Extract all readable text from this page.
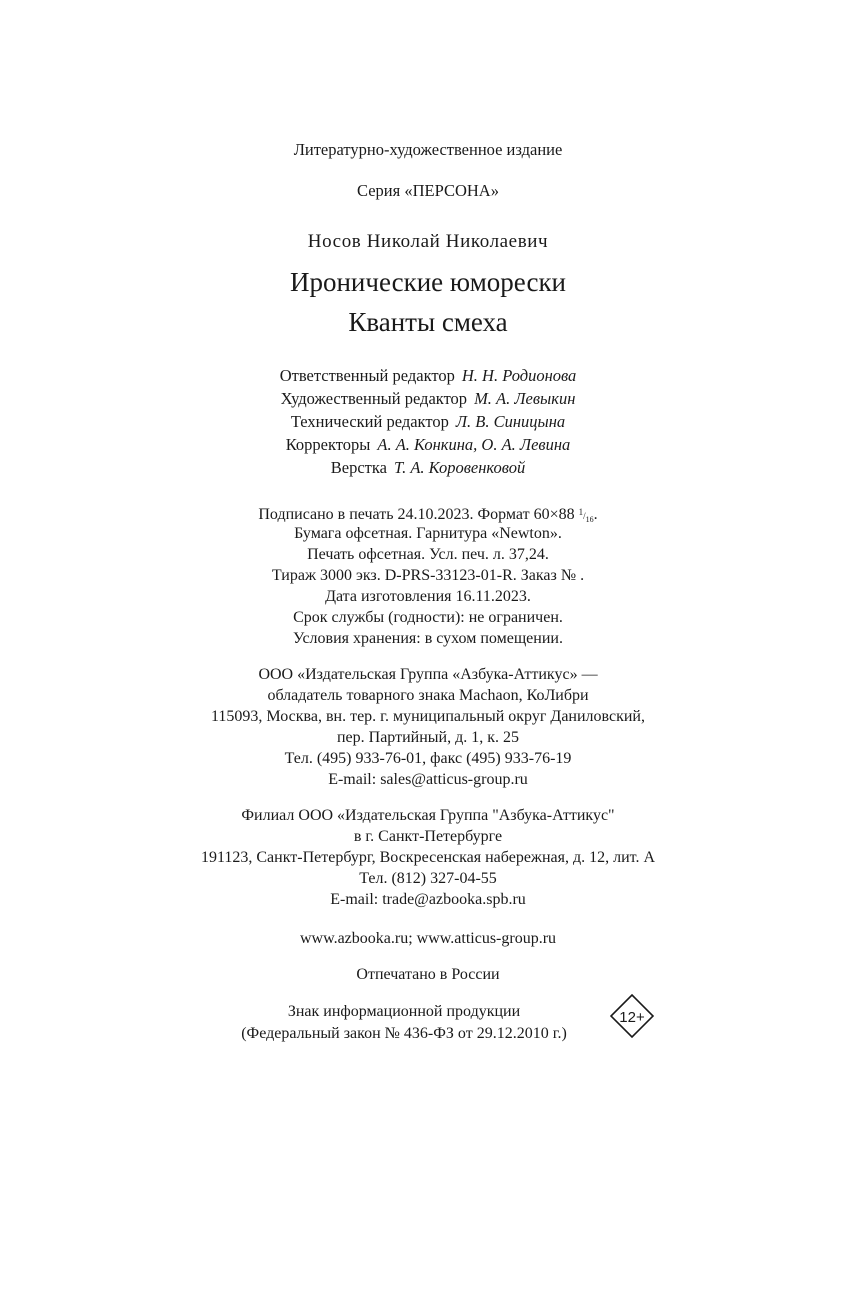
Литературно-художественное издание
Серия «ПЕРСОНА»
Носов Николай Николаевич
Иронические юморески
Кванты смеха
Ответственный редактор Н. Н. Родионова
Художественный редактор М. А. Левыкин
Технический редактор Л. В. Синицына
Корректоры А. А. Конкина, О. А. Левина
Верстка Т. А. Коровенковой
Подписано в печать 24.10.2023. Формат 60×88 $^1/_{16}$.
Бумага офсетная. Гарнитура «Newton».
Печать офсетная. Усл. печ. л. 37,24.
Тираж 3000 экз. D-PRS-33123-01-R. Заказ № .
Дата изготовления 16.11.2023.
Срок службы (годности): не ограничен.
Условия хранения: в сухом помещении.
ООО «Издательская Группа «Азбука-Аттикус» —
обладатель товарного знака Machaon, КоЛибри
115093, Москва, вн. тер. г. муниципальный округ Даниловский,
пер. Партийный, д. 1, к. 25
Тел. (495) 933-76-01, факс (495) 933-76-19
E-mail: sales@atticus-group.ru
Филиал ООО «Издательская Группа "Азбука-Аттикус"
в г. Санкт-Петербурге
191123, Санкт-Петербург, Воскресенская набережная, д. 12, лит. А
Тел. (812) 327-04-55
E-mail: trade@azbooka.spb.ru
www.azbooka.ru; www.atticus-group.ru
Отпечатано в России
Знак информационной продукции
(Федеральный закон № 436-ФЗ от 29.12.2010 г.)
12+
